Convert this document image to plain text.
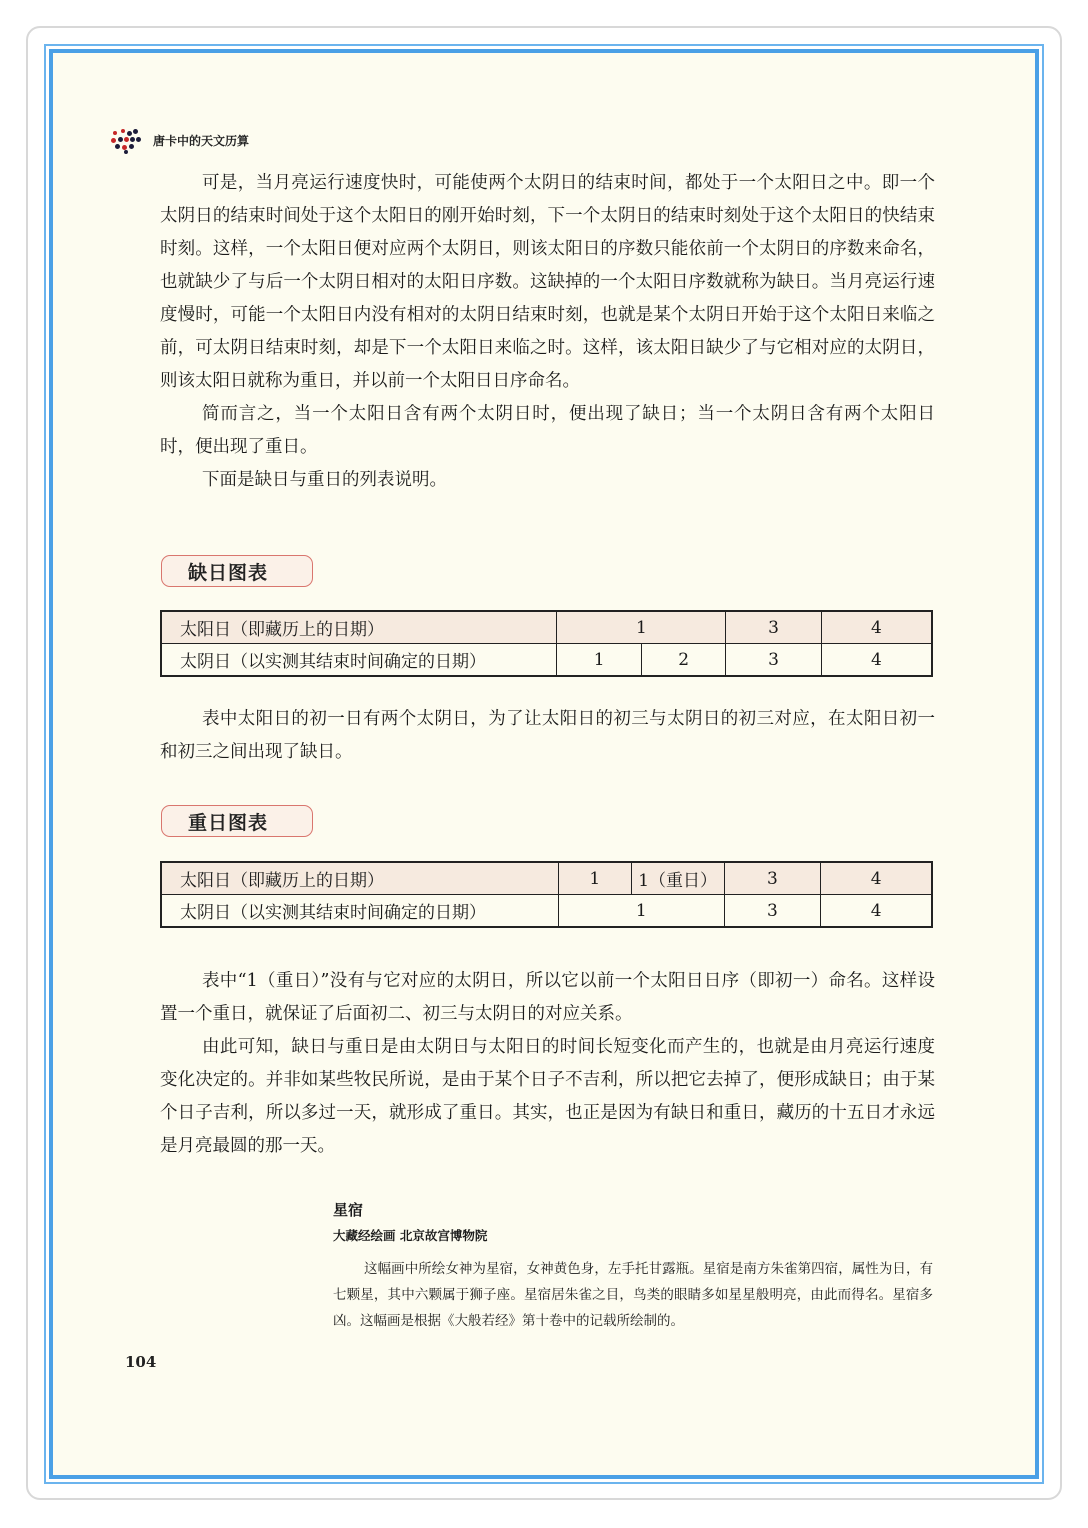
唐卡中的天文历算

可是，当月亮运行速度快时，可能使两个太阴日的结束时间，都处于一个太阳日之中。即一个太阴日的结束时间处于这个太阳日的刚开始时刻，下一个太阴日的结束时刻处于这个太阳日的快结束时刻。这样，一个太阳日便对应两个太阴日，则该太阳日的序数只能依前一个太阴日的序数来命名，也就缺少了与后一个太阴日相对的太阳日序数。这缺掉的一个太阳日序数就称为缺日。当月亮运行速度慢时，可能一个太阳日内没有相对的太阴日结束时刻，也就是某个太阴日开始于这个太阳日来临之前，可太阴日结束时刻，却是下一个太阳日来临之时。这样，该太阳日缺少了与它相对应的太阴日，则该太阳日就称为重日，并以前一个太阳日日序命名。

简而言之，当一个太阳日含有两个太阴日时，便出现了缺日；当一个太阴日含有两个太阳日时，便出现了重日。

下面是缺日与重日的列表说明。

缺日图表
太阳日（即藏历上的日期）	1		3	4
太阴日（以实测其结束时间确定的日期）	1	2	3	4

表中太阳日的初一日有两个太阴日，为了让太阳日的初三与太阴日的初三对应，在太阳日初一和初三之间出现了缺日。

重日图表
太阳日（即藏历上的日期）	1	1（重日）	3	4
太阴日（以实测其结束时间确定的日期）	1		3	4

表中“1（重日）”没有与它对应的太阴日，所以它以前一个太阳日日序（即初一）命名。这样设置一个重日，就保证了后面初二、初三与太阴日的对应关系。

由此可知，缺日与重日是由太阴日与太阳日的时间长短变化而产生的，也就是由月亮运行速度变化决定的。并非如某些牧民所说，是由于某个日子不吉利，所以把它去掉了，便形成缺日；由于某个日子吉利，所以多过一天，就形成了重日。其实，也正是因为有缺日和重日，藏历的十五日才永远是月亮最圆的那一天。

星宿
大藏经绘画 北京故宫博物院
这幅画中所绘女神为星宿，女神黄色身，左手托甘露瓶。星宿是南方朱雀第四宿，属性为日，有七颗星，其中六颗属于狮子座。星宿居朱雀之目，鸟类的眼睛多如星星般明亮，由此而得名。星宿多凶。这幅画是根据《大般若经》第十卷中的记载所绘制的。
104
